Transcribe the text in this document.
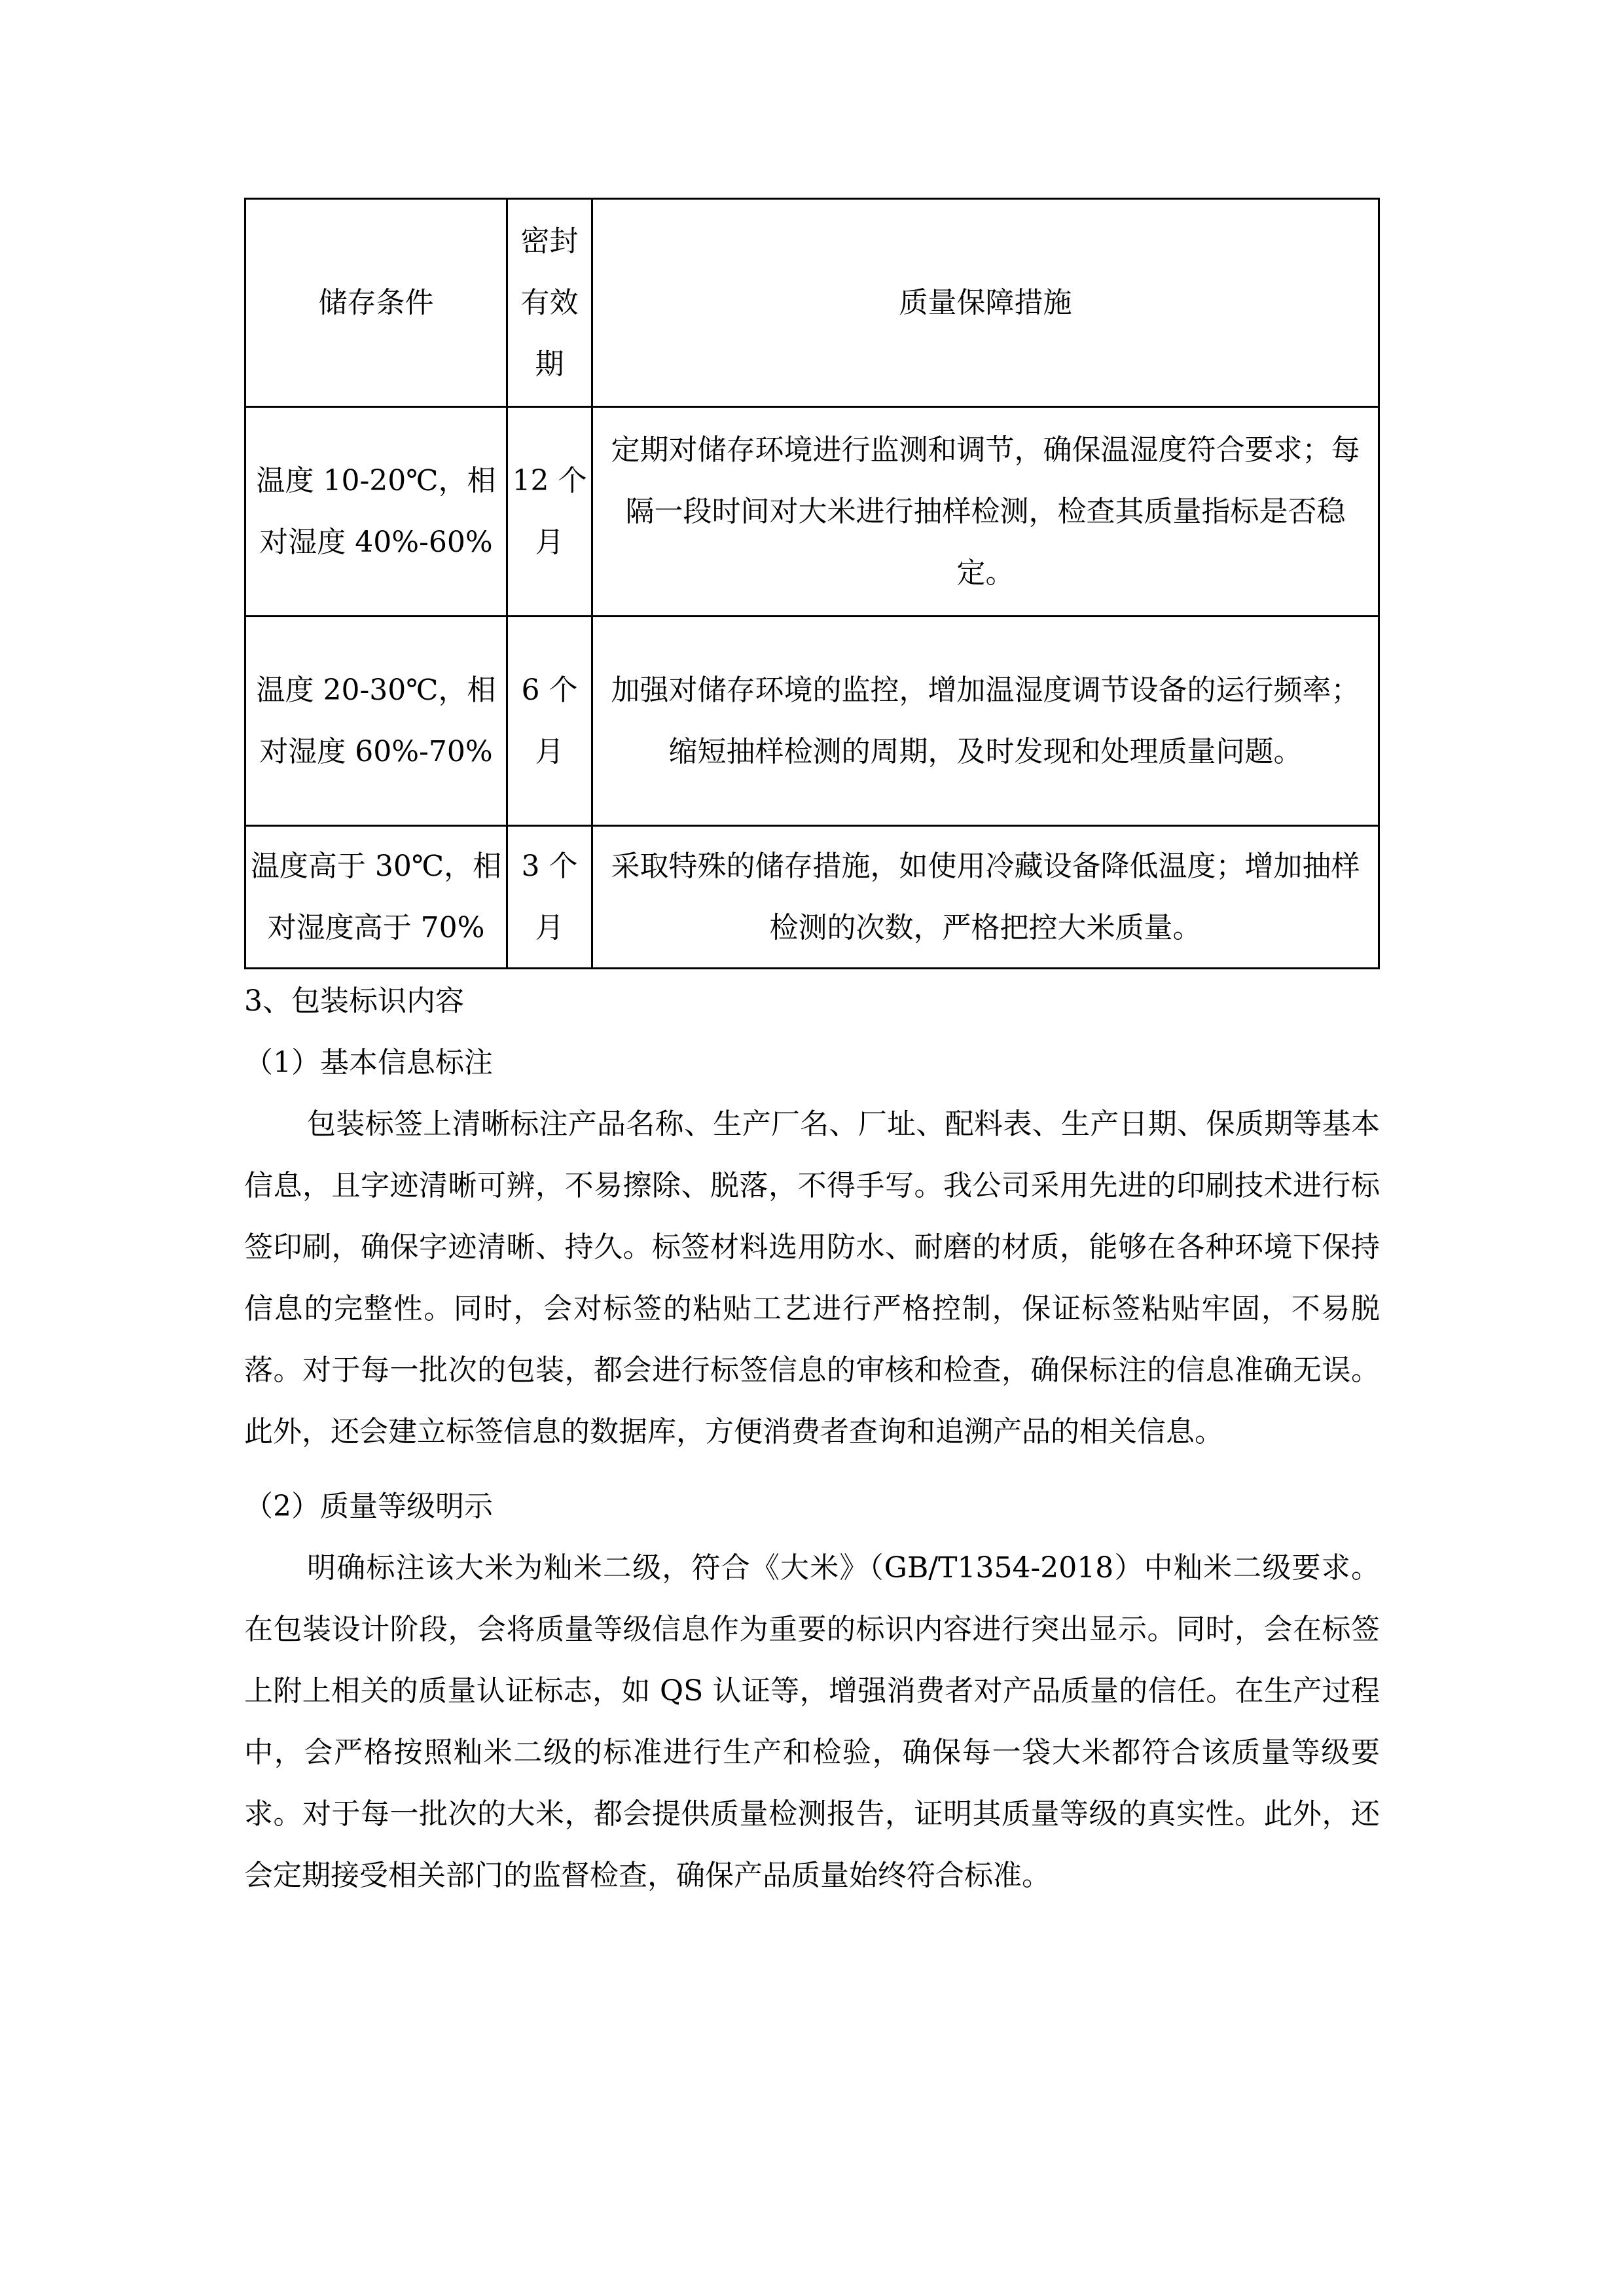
储存条件	密封有效期	质量保障措施
温度 10-20℃，相对湿度 40%-60%	12 个月	定期对储存环境进行监测和调节，确保温湿度符合要求；每隔一段时间对大米进行抽样检测，检查其质量指标是否稳定。
温度 20-30℃，相对湿度 60%-70%	6 个月	加强对储存环境的监控，增加温湿度调节设备的运行频率；缩短抽样检测的周期，及时发现和处理质量问题。
温度高于 30℃，相对湿度高于 70%	3 个月	采取特殊的储存措施，如使用冷藏设备降低温度；增加抽样检测的次数，严格把控大米质量。

3、包装标识内容

（1）基本信息标注

包装标签上清晰标注产品名称、生产厂名、厂址、配料表、生产日期、保质期等基本信息，且字迹清晰可辨，不易擦除、脱落，不得手写。我公司采用先进的印刷技术进行标签印刷，确保字迹清晰、持久。标签材料选用防水、耐磨的材质，能够在各种环境下保持信息的完整性。同时，会对标签的粘贴工艺进行严格控制，保证标签粘贴牢固，不易脱落。对于每一批次的包装，都会进行标签信息的审核和检查，确保标注的信息准确无误。此外，还会建立标签信息的数据库，方便消费者查询和追溯产品的相关信息。

（2）质量等级明示

明确标注该大米为籼米二级，符合《大米》（GB/T1354-2018）中籼米二级要求。在包装设计阶段，会将质量等级信息作为重要的标识内容进行突出显示。同时，会在标签上附上相关的质量认证标志，如 QS 认证等，增强消费者对产品质量的信任。在生产过程中，会严格按照籼米二级的标准进行生产和检验，确保每一袋大米都符合该质量等级要求。对于每一批次的大米，都会提供质量检测报告，证明其质量等级的真实性。此外，还会定期接受相关部门的监督检查，确保产品质量始终符合标准。
